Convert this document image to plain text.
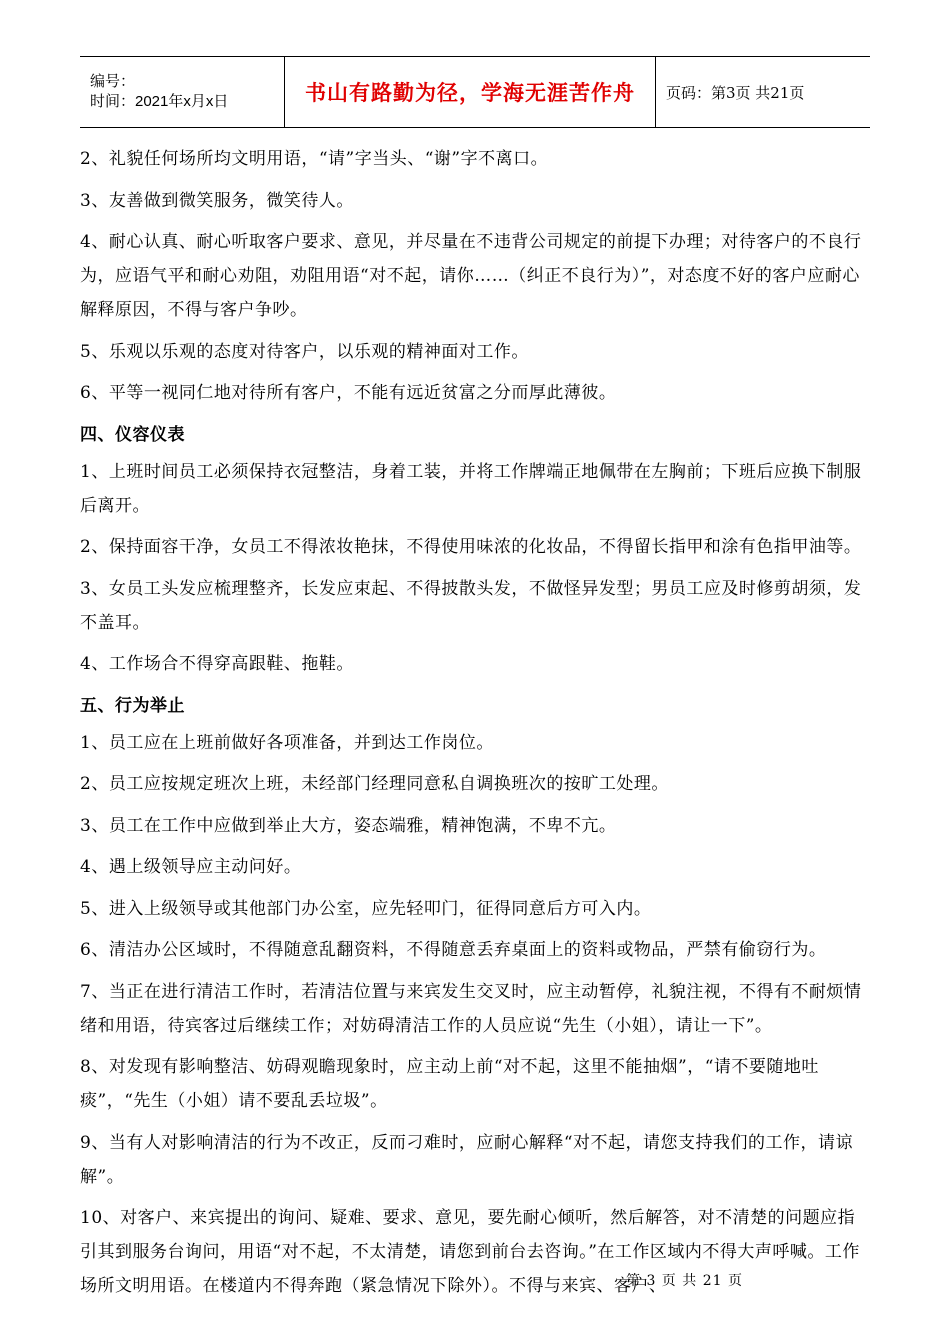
编号：
时间：2021年x月x日	书山有路勤为径，学海无涯苦作舟	页码：第3页 共21页

2、礼貌任何场所均文明用语，“请”字当头、“谢”字不离口。

3、友善做到微笑服务，微笑待人。

4、耐心认真、耐心听取客户要求、意见，并尽量在不违背公司规定的前提下办理；对待客户的不良行为，应语气平和耐心劝阻，劝阻用语“对不起，请你……（纠正不良行为）”，对态度不好的客户应耐心解释原因，不得与客户争吵。

5、乐观以乐观的态度对待客户，以乐观的精神面对工作。

6、平等一视同仁地对待所有客户，不能有远近贫富之分而厚此薄彼。

四、仪容仪表

1、上班时间员工必须保持衣冠整洁，身着工装，并将工作牌端正地佩带在左胸前；下班后应换下制服后离开。

2、保持面容干净，女员工不得浓妆艳抹，不得使用味浓的化妆品，不得留长指甲和涂有色指甲油等。

3、女员工头发应梳理整齐，长发应束起、不得披散头发，不做怪异发型；男员工应及时修剪胡须，发不盖耳。

4、工作场合不得穿高跟鞋、拖鞋。

五、行为举止

1、员工应在上班前做好各项准备，并到达工作岗位。

2、员工应按规定班次上班，未经部门经理同意私自调换班次的按旷工处理。

3、员工在工作中应做到举止大方，姿态端雅，精神饱满，不卑不亢。

4、遇上级领导应主动问好。

5、进入上级领导或其他部门办公室，应先轻叩门，征得同意后方可入内。

6、清洁办公区域时，不得随意乱翻资料，不得随意丢弃桌面上的资料或物品，严禁有偷窃行为。

7、当正在进行清洁工作时，若清洁位置与来宾发生交叉时，应主动暂停，礼貌注视，不得有不耐烦情绪和用语，待宾客过后继续工作；对妨碍清洁工作的人员应说“先生（小姐），请让一下”。

8、对发现有影响整洁、妨碍观瞻现象时，应主动上前“对不起，这里不能抽烟”，“请不要随地吐痰”，“先生（小姐）请不要乱丢垃圾”。

9、当有人对影响清洁的行为不改正，反而刁难时，应耐心解释“对不起，请您支持我们的工作，请谅解”。

10、对客户、来宾提出的询问、疑难、要求、意见，要先耐心倾听，然后解答，对不清楚的问题应指引其到服务台询问，用语“对不起，不太清楚，请您到前台去咨询。”在工作区域内不得大声呼喊。工作场所文明用语。在楼道内不得奔跑（紧急情况下除外）。不得与来宾、客户、

第 3 页 共 21 页
